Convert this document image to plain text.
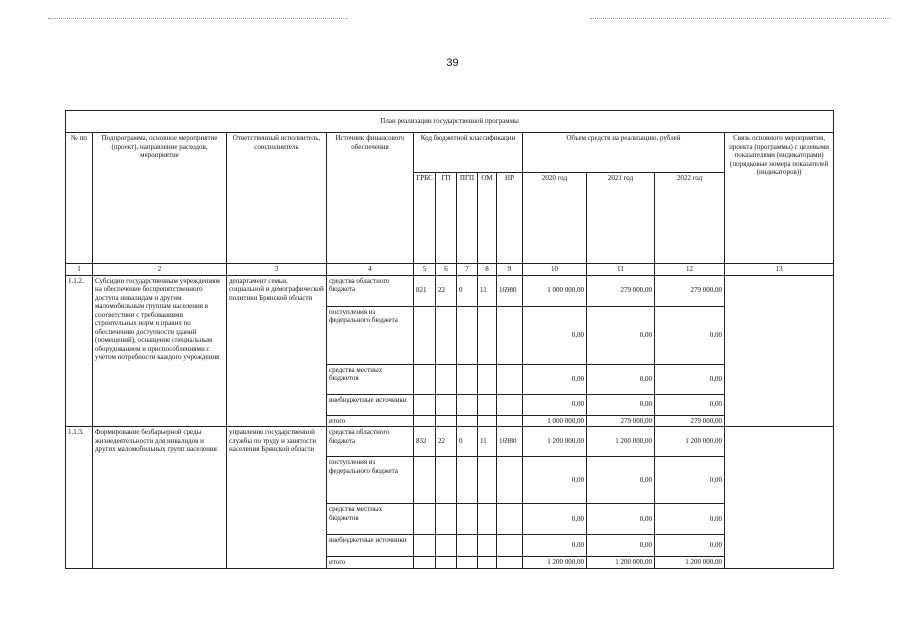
39
План реализации государственной программы												
№ пп	Подпрограмма, основное мероприятие (проект), направление расходов, мероприятие	Ответственный исполнитель, соисполнитель	Источник финансового обеспечения	Код бюджетной классификации					Объем средств на реализацию, рублей			Связь основного мероприятия, проекта (программы) с целевыми показателями (индикаторами) (порядковые номера показателей (индикаторов))
				ГРБС	ГП	ПГП	ОМ	НР	2020 год	2021 год	2022 год	
1	2	3	4	5	6	7	8	9	10	11	12	13
1.1.2.	Субсидии государственным учреждениям на обеспечение беспрепятственного доступа инвалидам и другим маломобильным группам населения в соответствии с требованиями строительных норм и правил по обеспечению доступности зданий (помещений), оснащение специальным оборудованием и приспособлениями с учетом потребности каждого учреждения	департамент семьи, социальной и демографической политики Брянской области	средства областного бюджета	821	22	0	11	16980	1 000 000,00	279 000,00	279 000,00	
			поступления из федерального бюджета						0,00	0,00	0,00	
			средства местных бюджетов						0,00	0,00	0,00	
			внебюджетные источники						0,00	0,00	0,00	
			итого						1 000 000,00	279 000,00	279 000,00	
1.1.3.	Формирование безбарьерной среды жизнедеятельности для инвалидов и других маломобильных групп населения	управление государственной службы по труду и занятости населения Брянской области	средства областного бюджета	832	22	0	11	16980	1 200 000,00	1 200 000,00	1 200 000,00	
			поступления из федерального бюджета						0,00	0,00	0,00	
			средства местных бюджетов						0,00	0,00	0,00	
			внебюджетные источники						0,00	0,00	0,00	
			итого						1 200 000,00	1 200 000,00	1 200 000,00	
